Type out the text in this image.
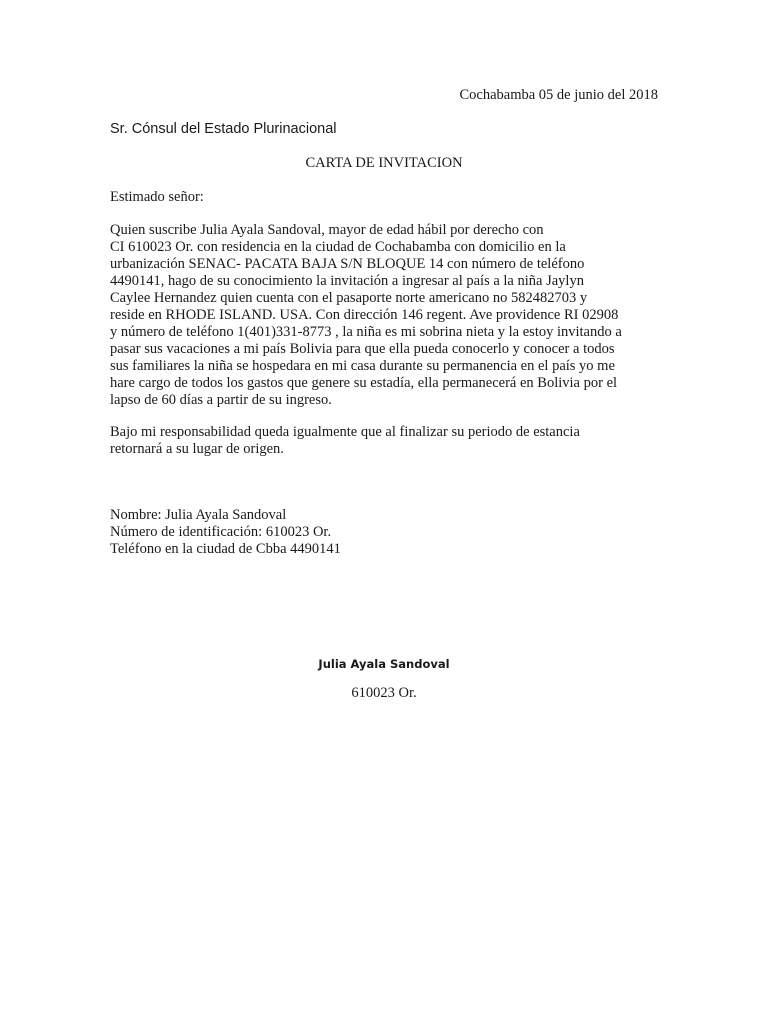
Cochabamba 05 de junio del 2018
Sr. Cónsul del Estado Plurinacional
CARTA DE INVITACION
Estimado señor:
Quien suscribe Julia Ayala Sandoval, mayor de edad hábil por derecho con
CI 610023 Or. con residencia en la ciudad de Cochabamba con domicilio en la
urbanización SENAC- PACATA BAJA S/N BLOQUE 14 con número de teléfono
4490141, hago de su conocimiento la invitación a ingresar al país a la niña Jaylyn
Caylee Hernandez quien cuenta con el pasaporte norte americano no 582482703 y
reside en RHODE ISLAND. USA. Con dirección 146 regent. Ave providence RI 02908
y número de teléfono 1(401)331-8773 , la niña es mi sobrina nieta y la estoy invitando a
pasar sus vacaciones a mi país Bolivia para que ella pueda conocerlo y conocer a todos
sus familiares la niña se hospedara en mi casa durante su permanencia en el país yo me
hare cargo de todos los gastos que genere su estadía, ella permanecerá en Bolivia por el
lapso de 60 días a partir de su ingreso.
Bajo mi responsabilidad queda igualmente que al finalizar su periodo de estancia
retornará a su lugar de origen.
Nombre: Julia Ayala Sandoval
Número de identificación: 610023 Or.
Teléfono en la ciudad de Cbba 4490141
Julia Ayala Sandoval
610023 Or.
